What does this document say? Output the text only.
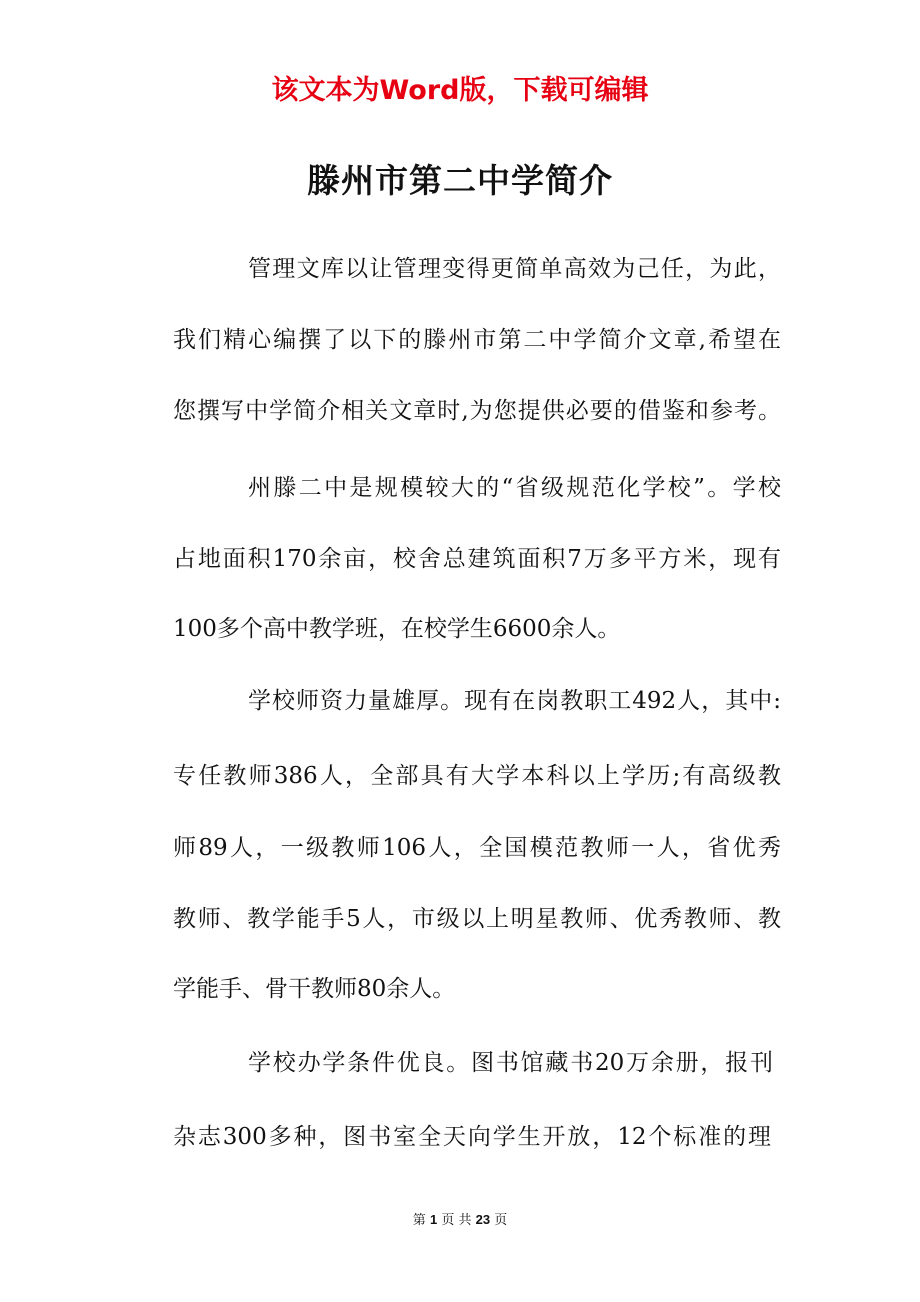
该文本为Word版，下载可编辑
滕州市第二中学简介
管理文库以让管理变得更简单高效为己任，为此，
我们精心编撰了以下的滕州市第二中学简介文章,希望在
您撰写中学简介相关文章时,为您提供必要的借鉴和参考。
州滕二中是规模较大的“省级规范化学校”。学校
占地面积170余亩，校舍总建筑面积7万多平方米，现有
100多个高中教学班，在校学生6600余人。
学校师资力量雄厚。现有在岗教职工492人，其中:
专任教师386人，全部具有大学本科以上学历;有高级教
师89人，一级教师106人，全国模范教师一人，省优秀
教师、教学能手5人，市级以上明星教师、优秀教师、教
学能手、骨干教师80余人。
学校办学条件优良。图书馆藏书20万余册，报刊
杂志300多种，图书室全天向学生开放，12个标准的理
第 1 页 共 23 页
